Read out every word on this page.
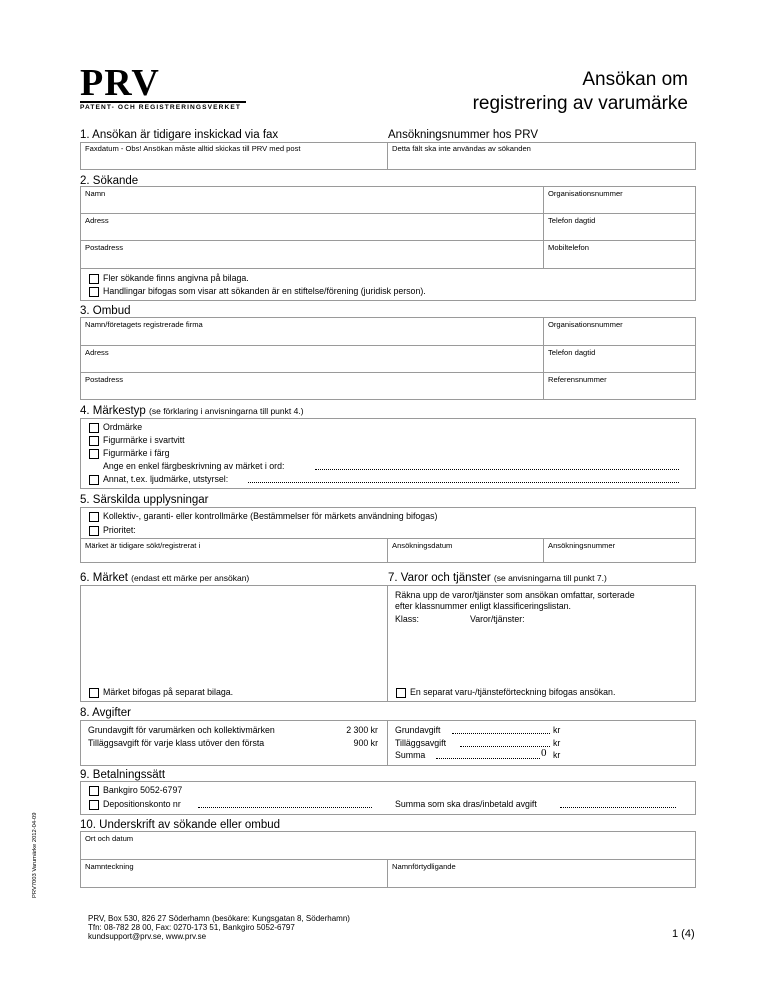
PRV
PATENT- OCH REGISTRERINGSVERKET
Ansökan om
registrering av varumärke
1. Ansökan är tidigare inskickad via fax	Ansökningsnummer hos PRV
Faxdatum - Obs! Ansökan måste alltid skickas till PRV med post	Detta fält ska inte användas av sökanden
2. Sökande
Namn	Organisationsnummer
Adress	Telefon dagtid
Postadress	Mobiltelefon
Fler sökande finns angivna på bilaga.
Handlingar bifogas som visar att sökanden är en stiftelse/förening (juridisk person).
3. Ombud
Namn/företagets registrerade firma	Organisationsnummer
Adress	Telefon dagtid
Postadress	Referensnummer
4. Märkestyp (se förklaring i anvisningarna till punkt 4.)
Ordmärke
Figurmärke i svartvitt
Figurmärke i färg
Ange en enkel färgbeskrivning av märket i ord:
Annat, t.ex. ljudmärke, utstyrsel:
5. Särskilda upplysningar
Kollektiv-, garanti- eller kontrollmärke (Bestämmelser för märkets användning bifogas)
Prioritet:
Märket är tidigare sökt/registrerat i	Ansökningsdatum	Ansökningsnummer
6. Märket (endast ett märke per ansökan)	7. Varor och tjänster (se anvisningarna till punkt 7.)
Räkna upp de varor/tjänster som ansökan omfattar, sorterade
efter klassnummer enligt klassificeringslistan.
Klass:	Varor/tjänster:
Märket bifogas på separat bilaga.	En separat varu-/tjänsteförteckning bifogas ansökan.
8. Avgifter
Grundavgift för varumärken och kollektivmärken	2 300 kr
Tilläggsavgift för varje klass utöver den första	900 kr
Grundavgift	kr
Tilläggsavgift	kr
Summa	0 kr
9. Betalningssätt
Bankgiro 5052-6797
Depositionskonto nr	Summa som ska dras/inbetald avgift
10. Underskrift av sökande eller ombud
Ort och datum
Namnteckning	Namnförtydligande
PRV, Box 530, 826 27 Söderhamn (besökare: Kungsgatan 8, Söderhamn)
Tfn: 08-782 28 00, Fax: 0270-173 51, Bankgiro 5052-6797
kundsupport@prv.se, www.prv.se	1 (4)
PRV7003 Varumärke 2012-04-09
